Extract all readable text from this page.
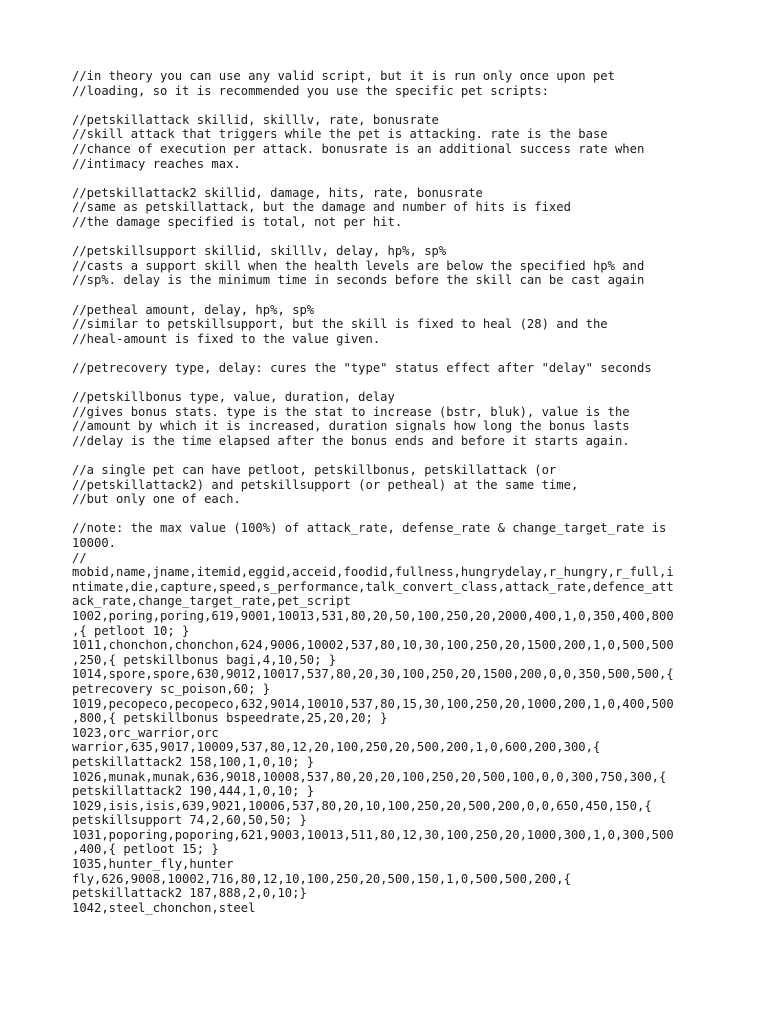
//in theory you can use any valid script, but it is run only once upon pet
//loading, so it is recommended you use the specific pet scripts:
//petskillattack skillid, skilllv, rate, bonusrate
//skill attack that triggers while the pet is attacking. rate is the base
//chance of execution per attack. bonusrate is an additional success rate when
//intimacy reaches max.
//petskillattack2 skillid, damage, hits, rate, bonusrate
//same as petskillattack, but the damage and number of hits is fixed
//the damage specified is total, not per hit.
//petskillsupport skillid, skilllv, delay, hp%, sp%
//casts a support skill when the health levels are below the specified hp% and
//sp%. delay is the minimum time in seconds before the skill can be cast again
//petheal amount, delay, hp%, sp%
//similar to petskillsupport, but the skill is fixed to heal (28) and the
//heal-amount is fixed to the value given.
//petrecovery type, delay: cures the "type" status effect after "delay" seconds
//petskillbonus type, value, duration, delay
//gives bonus stats. type is the stat to increase (bstr, bluk), value is the
//amount by which it is increased, duration signals how long the bonus lasts
//delay is the time elapsed after the bonus ends and before it starts again.
//a single pet can have petloot, petskillbonus, petskillattack (or
//petskillattack2) and petskillsupport (or petheal) at the same time,
//but only one of each.
//note: the max value (100%) of attack_rate, defense_rate & change_target_rate is
10000.
//
mobid,name,jname,itemid,eggid,acceid,foodid,fullness,hungrydelay,r_hungry,r_full,i
ntimate,die,capture,speed,s_performance,talk_convert_class,attack_rate,defence_att
ack_rate,change_target_rate,pet_script
1002,poring,poring,619,9001,10013,531,80,20,50,100,250,20,2000,400,1,0,350,400,800
,{ petloot 10; }
1011,chonchon,chonchon,624,9006,10002,537,80,10,30,100,250,20,1500,200,1,0,500,500
,250,{ petskillbonus bagi,4,10,50; }
1014,spore,spore,630,9012,10017,537,80,20,30,100,250,20,1500,200,0,0,350,500,500,{
petrecovery sc_poison,60; }
1019,pecopeco,pecopeco,632,9014,10010,537,80,15,30,100,250,20,1000,200,1,0,400,500
,800,{ petskillbonus bspeedrate,25,20,20; }
1023,orc_warrior,orc
warrior,635,9017,10009,537,80,12,20,100,250,20,500,200,1,0,600,200,300,{
petskillattack2 158,100,1,0,10; }
1026,munak,munak,636,9018,10008,537,80,20,20,100,250,20,500,100,0,0,300,750,300,{
petskillattack2 190,444,1,0,10; }
1029,isis,isis,639,9021,10006,537,80,20,10,100,250,20,500,200,0,0,650,450,150,{
petskillsupport 74,2,60,50,50; }
1031,poporing,poporing,621,9003,10013,511,80,12,30,100,250,20,1000,300,1,0,300,500
,400,{ petloot 15; }
1035,hunter_fly,hunter
fly,626,9008,10002,716,80,12,10,100,250,20,500,150,1,0,500,500,200,{
petskillattack2 187,888,2,0,10;}
1042,steel_chonchon,steel
